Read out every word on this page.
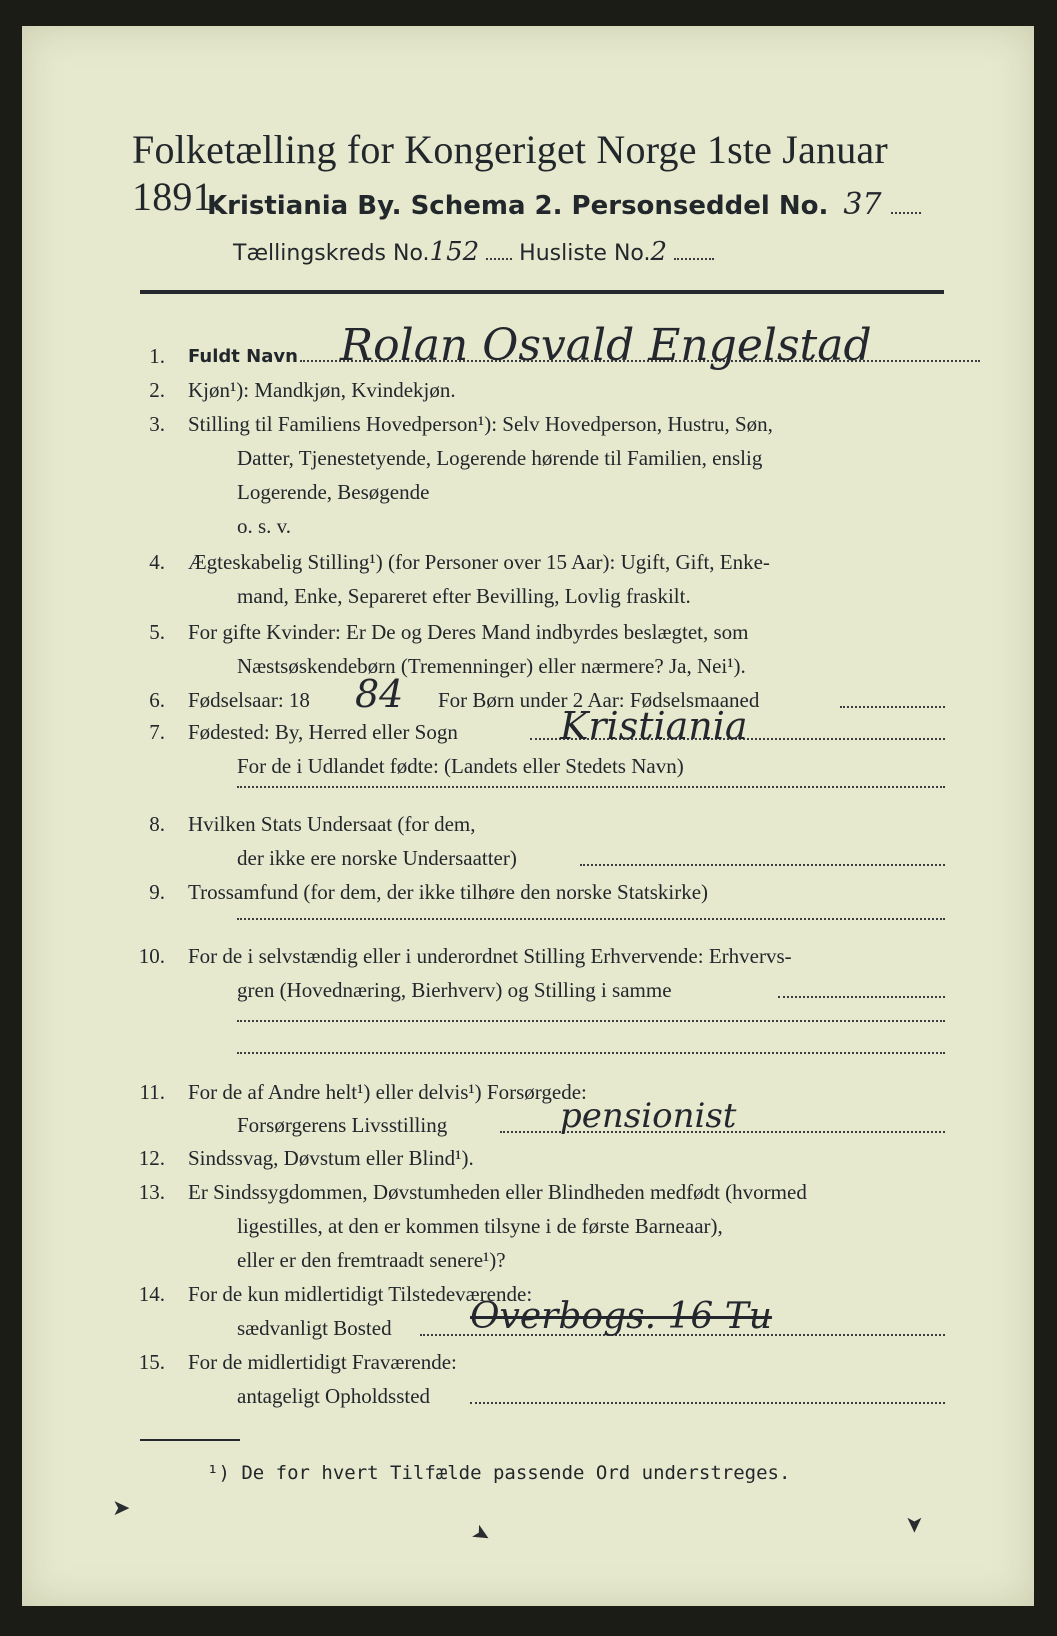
Folketælling for Kongeriget Norge 1ste Januar 1891.
Kristiania By. Schema 2. Personseddel No. 37
Tællingskreds No.152 Husliste No.2
1. Fuldt Navn Rolan Osvald Engelstad
2. Kjøn¹): Mandkjøn, Kvindekjøn.
3. Stilling til Familiens Hovedperson¹): Selv Hovedperson, Hustru, Søn,
Datter, Tjenestetyende, Logerende hørende til Familien, enslig
Logerende, Besøgende
o. s. v.
4. Ægteskabelig Stilling¹) (for Personer over 15 Aar): Ugift, Gift, Enke-
mand, Enke, Separeret efter Bevilling, Lovlig fraskilt.
5. For gifte Kvinder: Er De og Deres Mand indbyrdes beslægtet, som
Næstsøskendebørn (Tremenninger) eller nærmere? Ja, Nei¹).
6. Fødselsaar: 18 84 For Børn under 2 Aar: Fødselsmaaned
7. Fødested: By, Herred eller Sogn	Kristiania
For de i Udlandet fødte: (Landets eller Stedets Navn)
8. Hvilken Stats Undersaat (for dem,
der ikke ere norske Undersaatter)
9. Trossamfund (for dem, der ikke tilhøre den norske Statskirke)
10. For de i selvstændig eller i underordnet Stilling Erhvervende: Erhvervs-
gren (Hovednæring, Bierhverv) og Stilling i samme
11. For de af Andre helt¹) eller delvis¹) Forsørgede:
Forsørgerens Livsstilling	pensionist
12. Sindssvag, Døvstum eller Blind¹).
13. Er Sindssygdommen, Døvstumheden eller Blindheden medfødt (hvormed
ligestilles, at den er kommen tilsyne i de første Barneaar),
eller er den fremtraadt senere¹)?
14. For de kun midlertidigt Tilstedeværende:
sædvanligt Bosted Overbogs. 16 Tu
15. For de midlertidigt Fraværende:
antageligt Opholdssted
¹) De for hvert Tilfælde passende Ord understreges.
➤
➤	➤
